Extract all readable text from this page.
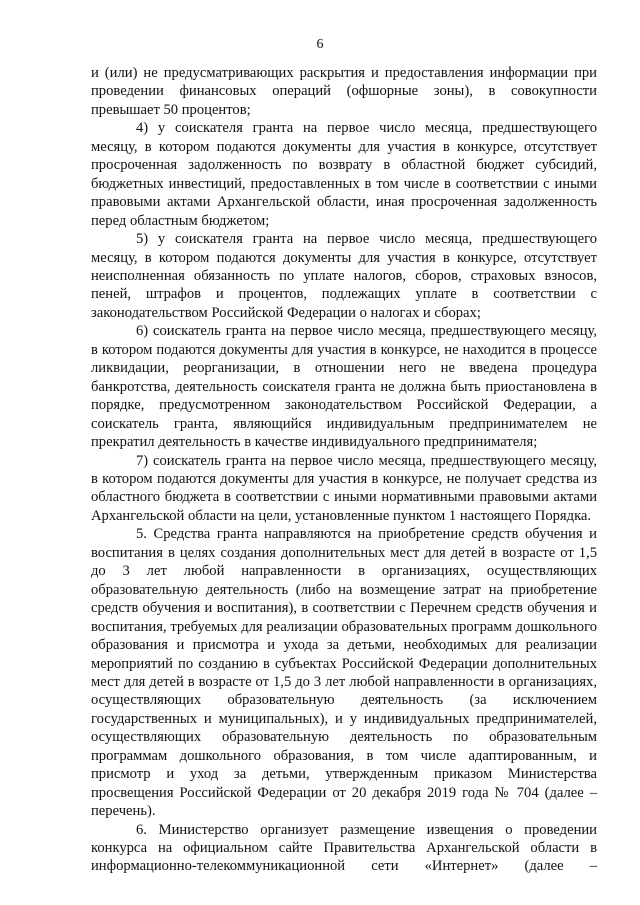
6

и (или) не предусматривающих раскрытия и предоставления информации при проведении финансовых операций (офшорные зоны), в совокупности превышает 50 процентов;

4) у соискателя гранта на первое число месяца, предшествующего месяцу, в котором подаются документы для участия в конкурсе, отсутствует просроченная задолженность по возврату в областной бюджет субсидий, бюджетных инвестиций, предоставленных в том числе в соответствии с иными правовыми актами Архангельской области, иная просроченная задолженность перед областным бюджетом;

5) у соискателя гранта на первое число месяца, предшествующего месяцу, в котором подаются документы для участия в конкурсе, отсутствует неисполненная обязанность по уплате налогов, сборов, страховых взносов, пеней, штрафов и процентов, подлежащих уплате в соответствии с законодательством Российской Федерации о налогах и сборах;

6) соискатель гранта на первое число месяца, предшествующего месяцу, в котором подаются документы для участия в конкурсе, не находится в процессе ликвидации, реорганизации, в отношении него не введена процедура банкротства, деятельность соискателя гранта не должна быть приостановлена в порядке, предусмотренном законодательством Российской Федерации, а соискатель гранта, являющийся индивидуальным предпринимателем не прекратил деятельность в качестве индивидуального предпринимателя;

7) соискатель гранта на первое число месяца, предшествующего месяцу, в котором подаются документы для участия в конкурсе, не получает средства из областного бюджета в соответствии с иными нормативными правовыми актами Архангельской области на цели, установленные пунктом 1 настоящего Порядка.

5. Средства гранта направляются на приобретение средств обучения и воспитания в целях создания дополнительных мест для детей в возрасте от 1,5 до 3 лет любой направленности в организациях, осуществляющих образовательную деятельность (либо на возмещение затрат на приобретение средств обучения и воспитания), в соответствии с Перечнем средств обучения и воспитания, требуемых для реализации образовательных программ дошкольного образования и присмотра и ухода за детьми, необходимых для реализации мероприятий по созданию в субъектах Российской Федерации дополнительных мест для детей в возрасте от 1,5 до 3 лет любой направленности в организациях, осуществляющих образовательную деятельность (за исключением государственных и муниципальных), и у индивидуальных предпринимателей, осуществляющих образовательную деятельность по образовательным программам дошкольного образования, в том числе адаптированным, и присмотр и уход за детьми, утвержденным приказом Министерства просвещения Российской Федерации от 20 декабря 2019 года № 704 (далее – перечень).

6. Министерство организует размещение извещения о проведении конкурса на официальном сайте Правительства Архангельской области в информационно-телекоммуникационной сети «Интернет» (далее –
